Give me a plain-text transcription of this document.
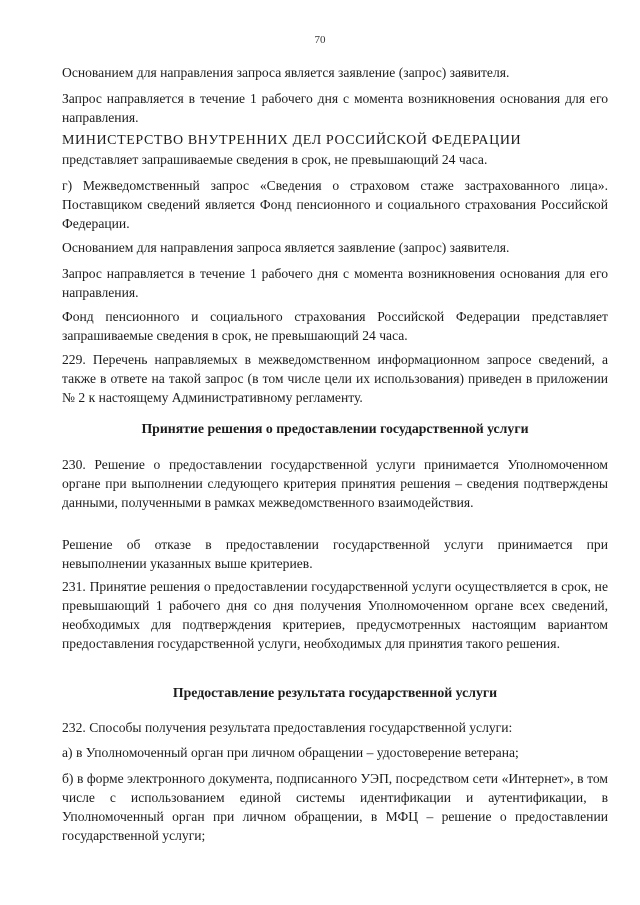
70

Основанием для направления запроса является заявление (запрос) заявителя.

Запрос направляется в течение 1 рабочего дня с момента возникновения основания для его направления.

МИНИСТЕРСТВО ВНУТРЕННИХ ДЕЛ РОССИЙСКОЙ ФЕДЕРАЦИИ

представляет запрашиваемые сведения в срок, не превышающий 24 часа.

г) Межведомственный запрос «Сведения о страховом стаже застрахованного лица». Поставщиком сведений является Фонд пенсионного и социального страхования Российской Федерации.

Основанием для направления запроса является заявление (запрос) заявителя.

Запрос направляется в течение 1 рабочего дня с момента возникновения основания для его направления.

Фонд пенсионного и социального страхования Российской Федерации представляет запрашиваемые сведения в срок, не превышающий 24 часа.

229. Перечень направляемых в межведомственном информационном запросе сведений, а также в ответе на такой запрос (в том числе цели их использования) приведен в приложении № 2 к настоящему Административному регламенту.

Принятие решения о предоставлении государственной услуги

230. Решение о предоставлении государственной услуги принимается Уполномоченном органе при выполнении следующего критерия принятия решения – сведения подтверждены данными, полученными в рамках межведомственного взаимодействия.

Решение об отказе в предоставлении государственной услуги принимается при невыполнении указанных выше критериев.

231. Принятие решения о предоставлении государственной услуги осуществляется в срок, не превышающий 1 рабочего дня со дня получения Уполномоченном органе всех сведений, необходимых для подтверждения критериев, предусмотренных настоящим вариантом предоставления государственной услуги, необходимых для принятия такого решения.

Предоставление результата государственной услуги

232. Способы получения результата предоставления государственной услуги:

а) в Уполномоченный орган при личном обращении – удостоверение ветерана;

б) в форме электронного документа, подписанного УЭП, посредством сети «Интернет», в том числе с использованием единой системы идентификации и аутентификации, в Уполномоченный орган при личном обращении, в МФЦ – решение о предоставлении государственной услуги;
